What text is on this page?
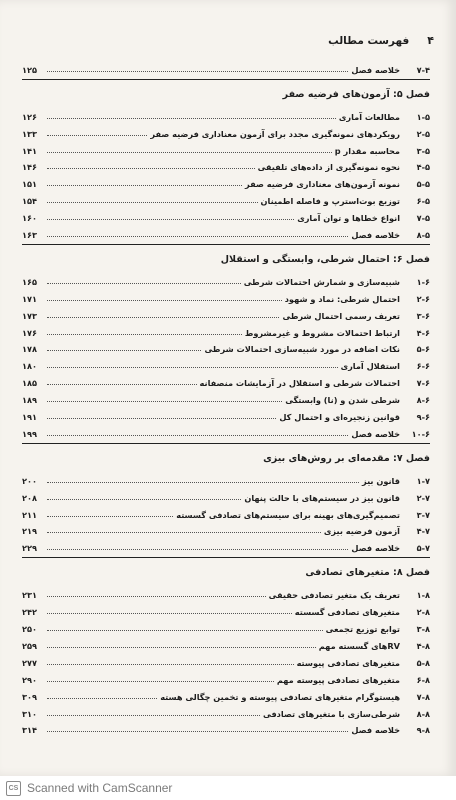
۴
فهرست مطالب
۷-۴
خلاصه فصل
۱۲۵
فصل ۵: آزمون‌های فرضیه صفر
۱-۵
مطالعات آماری
۱۲۶
۲-۵
رویکردهای نمونه‌گیری مجدد برای آزمون معناداری فرضیه صفر
۱۳۳
۳-۵
محاسبه مقدار p
۱۴۱
۴-۵
نحوه نمونه‌گیری از داده‌های تلفیقی
۱۴۶
۵-۵
نمونه آزمون‌های معناداری فرضیه صفر
۱۵۱
۶-۵
توزیع بوت‌استرپ و فاصله اطمینان
۱۵۴
۷-۵
انواع خطاها و توان آماری
۱۶۰
۸-۵
خلاصه فصل
۱۶۳
فصل ۶: احتمال شرطی، وابستگی و استقلال
۱-۶
شبیه‌سازی و شمارش احتمالات شرطی
۱۶۵
۲-۶
احتمال شرطی: نماد و شهود
۱۷۱
۳-۶
تعریف رسمی احتمال شرطی
۱۷۳
۴-۶
ارتباط احتمالات مشروط و غیرمشروط
۱۷۶
۵-۶
نکات اضافه در مورد شبیه‌سازی احتمالات شرطی
۱۷۸
۶-۶
استقلال آماری
۱۸۰
۷-۶
احتمالات شرطی و استقلال در آزمایشات منصفانه
۱۸۵
۸-۶
شرطی شدن و (نا) وابستگی
۱۸۹
۹-۶
قوانین زنجیره‌ای و احتمال کل
۱۹۱
۱۰-۶
خلاصه فصل
۱۹۹
فصل ۷: مقدمه‌ای بر روش‌های بیزی
۱-۷
قانون بیز
۲۰۰
۲-۷
قانون بیز در سیستم‌های با حالت پنهان
۲۰۸
۳-۷
تصمیم‌گیری‌های بهینه برای سیستم‌های تصادفی گسسته
۲۱۱
۴-۷
آزمون فرضیه بیزی
۲۱۹
۵-۷
خلاصه فصل
۲۲۹
فصل ۸: متغیرهای تصادفی
۱-۸
تعریف یک متغیر تصادفی حقیقی
۲۳۱
۲-۸
متغیرهای تصادفی گسسته
۲۴۲
۳-۸
توابع توزیع تجمعی
۲۵۰
۴-۸
RVهای گسسته مهم
۲۵۹
۵-۸
متغیرهای تصادفی پیوسته
۲۷۷
۶-۸
متغیرهای تصادفی پیوسته مهم
۲۹۰
۷-۸
هیستوگرام متغیرهای تصادفی پیوسته و تخمین چگالی هسته
۳۰۹
۸-۸
شرطی‌سازی با متغیرهای تصادفی
۳۱۰
۹-۸
خلاصه فصل
۳۱۴
CS Scanned with CamScanner
